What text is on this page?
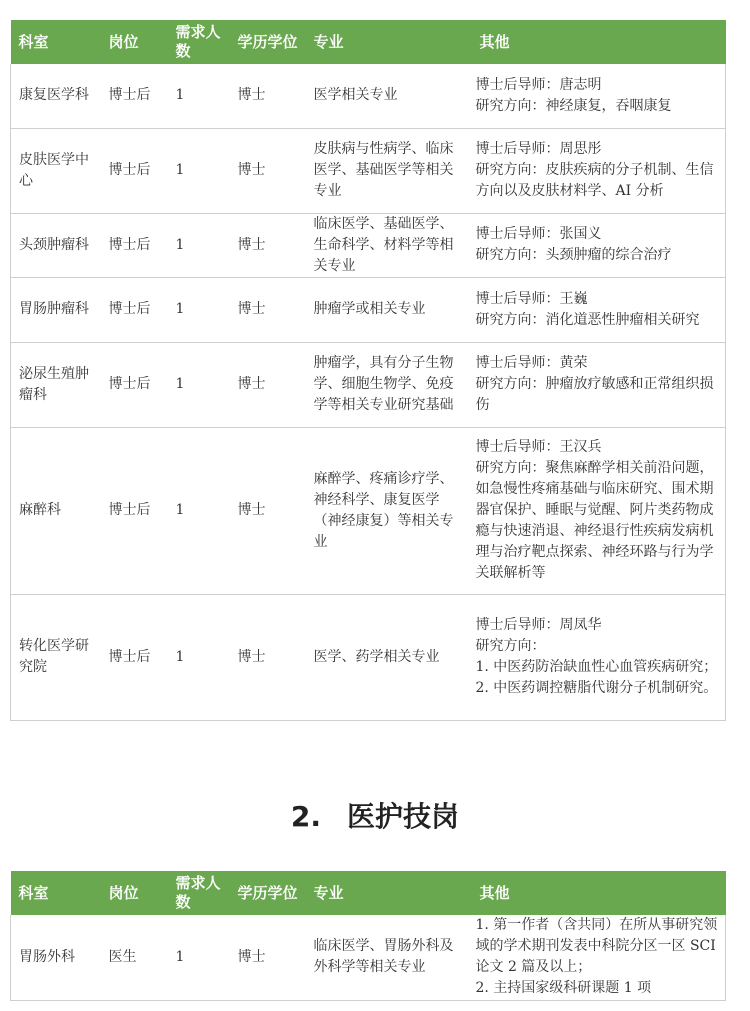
科室	岗位	需求人数	学历学位	专业	其他
康复医学科	博士后	1	博士	医学相关专业	博士后导师：唐志明
研究方向：神经康复，吞咽康复

皮肤医学中心	博士后	1	博士	皮肤病与性病学、临床医学、基础医学等相关专业	博士后导师：周思彤
研究方向：皮肤疾病的分子机制、生信方向以及皮肤材料学、AI 分析

头颈肿瘤科	博士后	1	博士	临床医学、基础医学、生命科学、材料学等相关专业	博士后导师：张国义
研究方向：头颈肿瘤的综合治疗

胃肠肿瘤科	博士后	1	博士	肿瘤学或相关专业	博士后导师：王巍
研究方向：消化道恶性肿瘤相关研究

泌尿生殖肿瘤科	博士后	1	博士	肿瘤学，具有分子生物学、细胞生物学、免疫学等相关专业研究基础	博士后导师：黄荣
研究方向：肿瘤放疗敏感和正常组织损伤

麻醉科	博士后	1	博士	麻醉学、疼痛诊疗学、神经科学、康复医学（神经康复）等相关专业	博士后导师：王汉兵
研究方向：聚焦麻醉学相关前沿问题，如急慢性疼痛基础与临床研究、围术期器官保护、睡眠与觉醒、阿片类药物成瘾与快速消退、神经退行性疾病发病机理与治疗靶点探索、神经环路与行为学关联解析等

转化医学研究院	博士后	1	博士	医学、药学相关专业	博士后导师：周凤华
研究方向：
1. 中医药防治缺血性心血管疾病研究；
2. 中医药调控糖脂代谢分子机制研究。
2. 医护技岗
科室	岗位	需求人数	学历学位	专业	其他
胃肠外科	医生	1	博士	临床医学、胃肠外科及外科学等相关专业	1. 第一作者（含共同）在所从事研究领域的学术期刊发表中科院分区一区 SCI 论文 2 篇及以上；
2. 主持国家级科研课题 1 项
